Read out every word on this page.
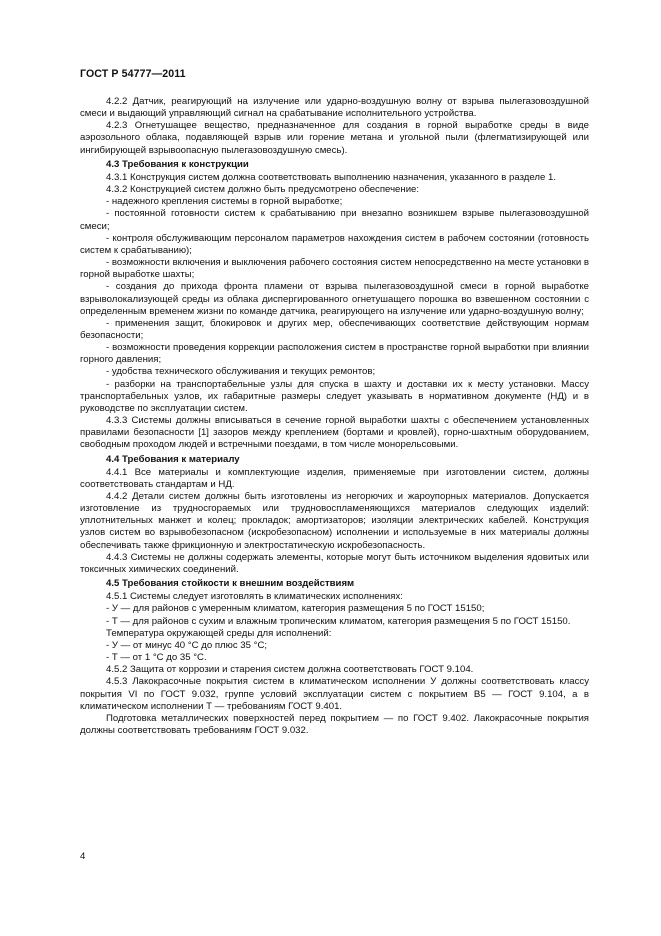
ГОСТ Р 54777—2011

4.2.2 Датчик, реагирующий на излучение или ударно-воздушную волну от взрыва пылегазовоздушной смеси и выдающий управляющий сигнал на срабатывание исполнительного устройства.

4.2.3 Огнетушащее вещество, предназначенное для создания в горной выработке среды в виде аэрозольного облака, подавляющей взрыв или горение метана и угольной пыли (флегматизирующей или ингибирующей взрывоопасную пылегазовоздушную смесь).

4.3 Требования к конструкции

4.3.1 Конструкция систем должна соответствовать выполнению назначения, указанного в разделе 1.

4.3.2 Конструкцией систем должно быть предусмотрено обеспечение:

- надежного крепления системы в горной выработке;

- постоянной готовности систем к срабатыванию при внезапно возникшем взрыве пылегазовоздушной смеси;

- контроля обслуживающим персоналом параметров нахождения систем в рабочем состоянии (готовность систем к срабатыванию);

- возможности включения и выключения рабочего состояния систем непосредственно на месте установки в горной выработке шахты;

- создания до прихода фронта пламени от взрыва пылегазовоздушной смеси в горной выработке взрыволокализующей среды из облака диспергированного огнетушащего порошка во взвешенном состоянии с определенным временем жизни по команде датчика, реагирующего на излучение или ударно-воздушную волну;

- применения защит, блокировок и других мер, обеспечивающих соответствие действующим нормам безопасности;

- возможности проведения коррекции расположения систем в пространстве горной выработки при влиянии горного давления;

- удобства технического обслуживания и текущих ремонтов;

- разборки на транспортабельные узлы для спуска в шахту и доставки их к месту установки. Массу транспортабельных узлов, их габаритные размеры следует указывать в нормативном документе (НД) и в руководстве по эксплуатации систем.

4.3.3 Системы должны вписываться в сечение горной выработки шахты с обеспечением установленных правилами безопасности [1] зазоров между креплением (бортами и кровлей), горно-шахтным оборудованием, свободным проходом людей и встречными поездами, в том числе монорельсовыми.

4.4 Требования к материалу

4.4.1 Все материалы и комплектующие изделия, применяемые при изготовлении систем, должны соответствовать стандартам и НД.

4.4.2 Детали систем должны быть изготовлены из негорючих и жароупорных материалов. Допускается изготовление из трудносгораемых или трудновоспламеняющихся материалов следующих изделий: уплотнительных манжет и колец; прокладок; амортизаторов; изоляции электрических кабелей. Конструкция узлов систем во взрывобезопасном (искробезопасном) исполнении и используемые в них материалы должны обеспечивать также фрикционную и электростатическую искробезопасность.

4.4.3 Системы не должны содержать элементы, которые могут быть источником выделения ядовитых или токсичных химических соединений.

4.5 Требования стойкости к внешним воздействиям

4.5.1 Системы следует изготовлять в климатических исполнениях:

- У — для районов с умеренным климатом, категория размещения 5 по ГОСТ 15150;

- Т — для районов с сухим и влажным тропическим климатом, категория размещения 5 по ГОСТ 15150.

Температура окружающей среды для исполнений:

- У — от минус 40 °С до плюс 35 °С;

- Т — от 1 °С до 35 °С.

4.5.2 Защита от коррозии и старения систем должна соответствовать ГОСТ 9.104.

4.5.3 Лакокрасочные покрытия систем в климатическом исполнении У должны соответствовать классу покрытия VI по ГОСТ 9.032, группе условий эксплуатации систем с покрытием В5 — ГОСТ 9.104, а в климатическом исполнении Т — требованиям ГОСТ 9.401.

Подготовка металлических поверхностей перед покрытием — по ГОСТ 9.402. Лакокрасочные покрытия должны соответствовать требованиям ГОСТ 9.032.

4
